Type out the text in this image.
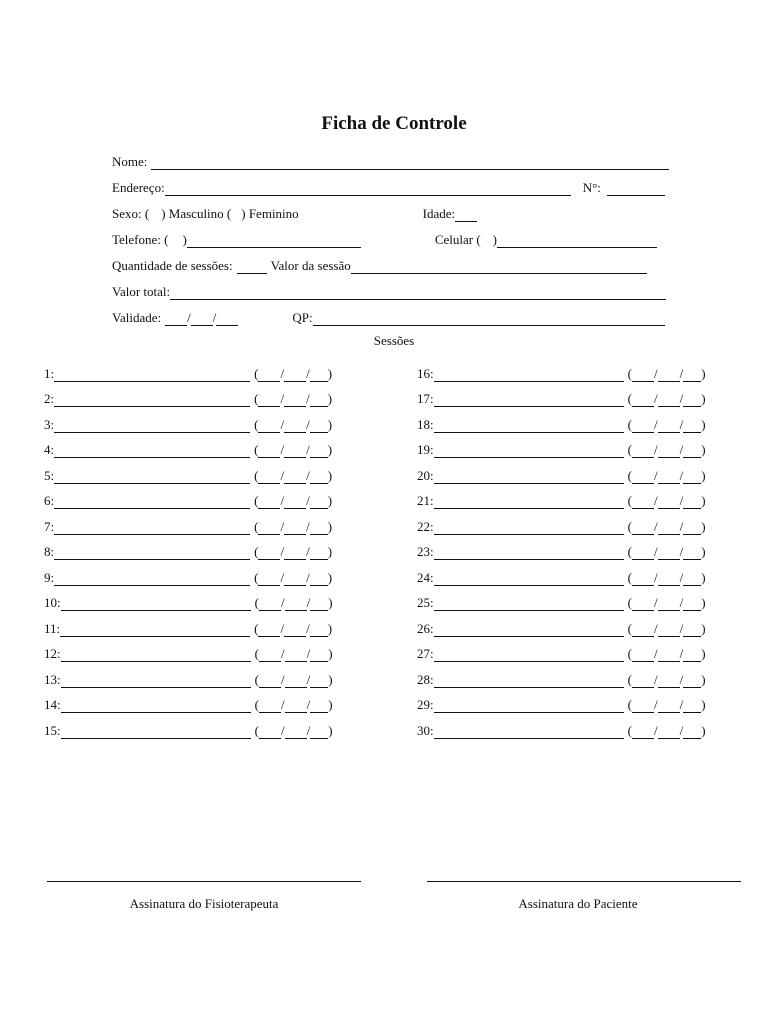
Ficha de Controle
Nome:
Endereço:	N°:
Sexo: ( ) Masculino ( ) Feminino	Idade:
Telefone: ( )	Celular ( )
Quantidade de sessões:	Valor da sessão
Valor total:
Validade: / /	QP:
Sessões
1:	( / / )
2:	( / / )
3:	( / / )
4:	( / / )
5:	( / / )
6:	( / / )
7:	( / / )
8:	( / / )
9:	( / / )
10:	( / / )
11:	( / / )
12:	( / / )
13:	( / / )
14:	( / / )
15:	( / / )
16:	( / / )
17:	( / / )
18:	( / / )
19:	( / / )
20:	( / / )
21:	( / / )
22:	( / / )
23:	( / / )
24:	( / / )
25:	( / / )
26:	( / / )
27:	( / / )
28:	( / / )
29:	( / / )
30:	( / / )
Assinatura do Fisioterapeuta	Assinatura do Paciente
